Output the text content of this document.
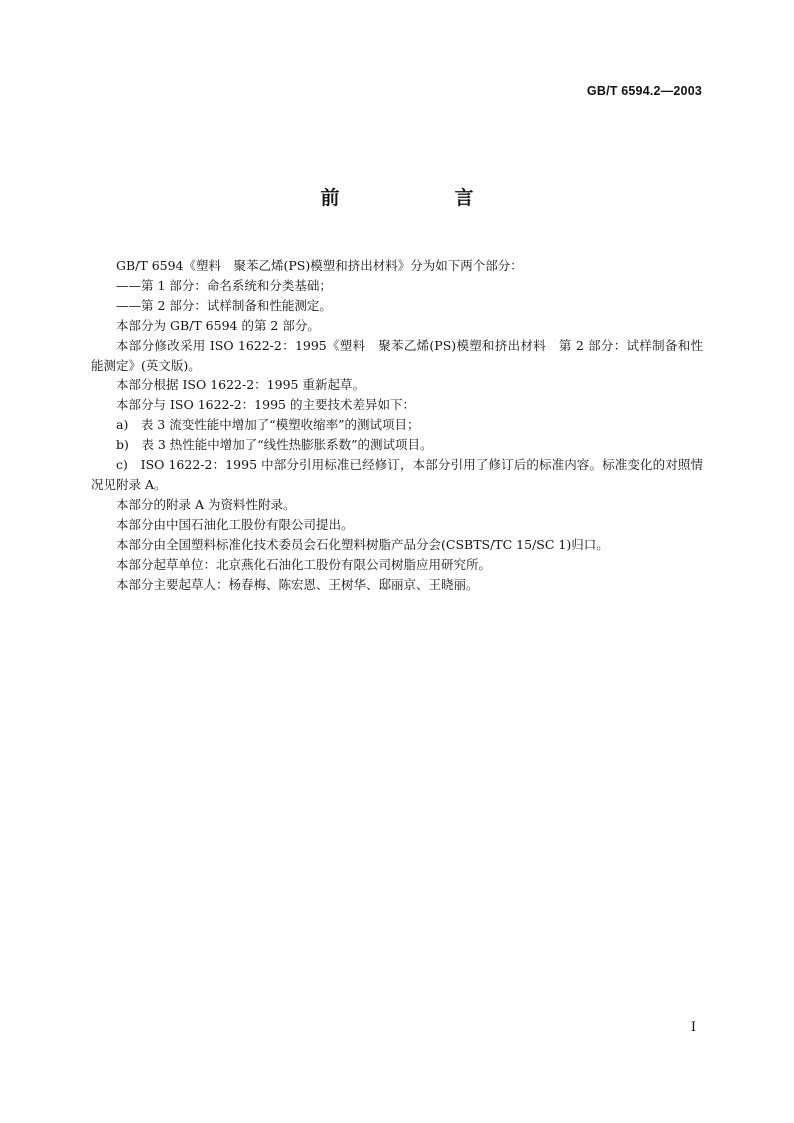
GB/T 6594.2—2003
前　言

GB/T 6594《塑料　聚苯乙烯(PS)模塑和挤出材料》分为如下两个部分：

——第 1 部分：命名系统和分类基础；

——第 2 部分：试样制备和性能测定。

本部分为 GB/T 6594 的第 2 部分。

本部分修改采用 ISO 1622-2：1995《塑料　聚苯乙烯(PS)模塑和挤出材料　第 2 部分：试样制备和性能测定》(英文版)。

本部分根据 ISO 1622-2：1995 重新起草。

本部分与 ISO 1622-2：1995 的主要技术差异如下：

a)　表 3 流变性能中增加了“模塑收缩率”的测试项目；

b)　表 3 热性能中增加了“线性热膨胀系数”的测试项目。

c)　ISO 1622-2：1995 中部分引用标准已经修订，本部分引用了修订后的标准内容。标准变化的对照情况见附录 A。

本部分的附录 A 为资料性附录。

本部分由中国石油化工股份有限公司提出。

本部分由全国塑料标准化技术委员会石化塑料树脂产品分会(CSBTS/TC 15/SC 1)归口。

本部分起草单位：北京燕化石油化工股份有限公司树脂应用研究所。

本部分主要起草人：杨春梅、陈宏恩、王树华、邸丽京、王晓丽。

I
